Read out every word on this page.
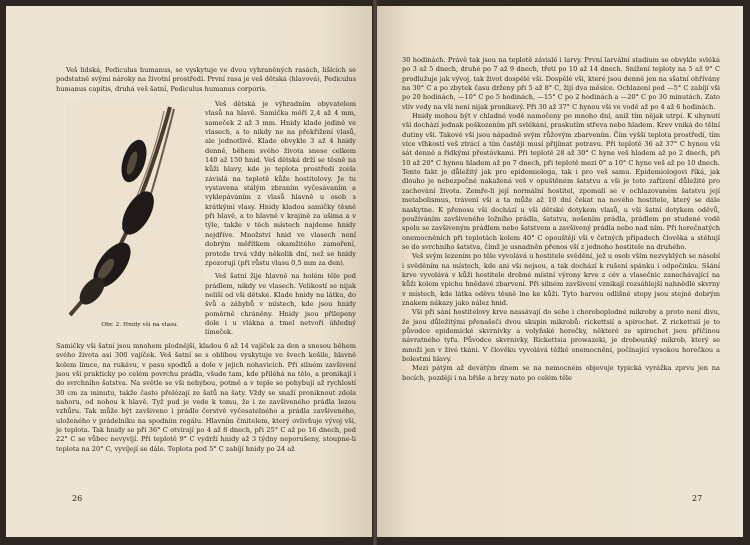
Veš lidská, Pediculus humanus, se vyskytuje ve dvou vyhraněných rasách, lišících se podstatně svými nároky na životní prostředí. První rasa je veš dětská (hlavová), Pediculus humanus capitis, druhá veš šatní, Pediculus humanus corporis.

Obr. 2. Hnidy vši na vlasu.

Veš dětská je výhradním obyvatelem vlasů na hlavě. Samička měří 2,4 až 4 mm, sameček 2 až 3 mm. Hnidy klade jedině ve vlasech, a to nikdy ne na překřížení vlasů, ale jednotlivě. Klade obvykle 3 až 4 hnidy denně, během svého života snese celkem 140 až 150 hnid. Veš dětská drží se těsně na kůži hlavy, kde je teplota prostředí zcela závislá na teplotě kůže hostitelovy. Je tu vystavena stálým zbraním vyčesávaním a vyklepáváním z vlasů hlavně u osob s krátkými vlasy. Hnidy kladou samičky těsně při hlavě, a to hlavně v krajině za ušima a v týle, takže v těch místech najdeme hnidy nejdříve. Množství hnid ve vlasech není dobrým měřítkem okamžitého zamoření, protože trvá vždy několik dní, než se hnidy zpozorují (při růstu vlasu 0,5 mm za den).

Veš šatní žije hlavně na holém těle pod prádlem, nikdy ve vlasech. Velikostí se nijak neliší od vši dětské. Klade hnidy na látku, do švů a záhybů v místech, kde jsou hnidy poměrně chráněny. Hnidy jsou přilepeny dole i u vlákna a tmel netvoří úhledný límeček.

Samičky vši šatní jsou mnohem plodnější, kladou 6 až 14 vajíček za den a snesou během svého života asi 300 vajíček. Veš šatní se s oblibou vyskytuje ve švech košile, hlavně kolem límce, na rukávu, v pasu spodků a dole v jejich nohavicích. Při silném zavšivení jsou vši prakticky po celém povrchu prádla, všude tam, kde přiléhá na tělo, a pronikají i do svrchního šatstva. Na světle se vši nehybou, potmě a v teple se pohybují až rychlostí 30 cm za minutu, takže často přelézají ze šatů na šaty. Vždy se snaží proniknout zdola nahoru, od nohou k hlavě. Tyž pud je vede k tomu, že i ze zavšiveného prádla lezou vzhůru. Tak může být zavšiveno i prádlo čerstvě vyčesatelného a prádla zavšiveného, uloženého v prádelníku na spodním regálu. Hlavním činitelem, který ovlivňuje vývoj vší, je teplota. Tak hnidy se při 36° C otvírají po 4 až 8 dnech, při 25° C až po 16 dnech, pod 22° C se vůbec nevyvíjí. Při teplotě 9° C vydrží hnidy až 3 týdny neporušeny, stoupne-li teplota na 20° C, vyvíjejí se dále. Teplota pod 5° C zabíjí hnidy po 24 až

26

30 hodinách. Právě tak jsou na teplotě závislé i larvy. První larvální stadium se obvykle svléká po 3 až 5 dnech, druhé po 7 až 9 dnech, třetí po 10 až 14 dnech. Snížení teploty na 5 až 9° C prodlužuje jak vývoj, tak život dospělé vši. Dospělé vši, které jsou denně jen na sšatní ohřívány na 30° C a po zbytek času drženy při 5 až 8° C, žijí dva měsíce. Ochlazení pod —5° C zabíjí vši po 20 hodinách, —10° C po 5 hodinách, —15° C po 2 hodinách a —20° C po 30 minutách. Zato vlív vody na vši není nijak pronikavý. Při 30 až 37° C hynou vši ve vodě až po 4 až 6 hodinách.

Hnidy mohou být v chladné vodě namočeny po mnoho dní, aniž tím nějak utrpí. K uhynutí vší dochází jednak poškozením při svlékání, praskutím střeva nebo hladem. Krev vniká do tělní dutiny vši. Takové vši jsou nápadně svým růžovým zbarvením. Čím vyšší teplota prostředí, tím více vlhkostí veš ztrácí a tím častěji musí přijímat potravu. Při teplotě 36 až 37° C hynou vši sát denně a řídkými přestávkami. Při teplotě 28 až 30° C hyne veš hladem až po 2 dnech, při 10 až 20° C hynou hladem až po 7 dnech, při teplotě mezi 0° a 10° C hyne veš až po 10 dnech. Tento fakt je důležitý jak pro epidemiologa, tak i pro veš samu. Epidemiologovi říká, jak dlouho je nebezpečné nakažená veš v opuštěném šatstvu a vši je toto zařízení důležité pro zachování života. Zemře-li její normální hostitel, zpomalí se v ochlazovaném šatstvu její metabolismus, trávení vši a ta může až 10 dní čekat na nového hostitele, který se dále naskytne. K přenosu vši dochází u vši dětské dotykem vlasů, u vši šatní dotykem oděvů, používáním zavšiveného ložního prádla, šatstva, nošením prádla, prádlem po studené vodě spolu se zavšiveným prádlem nebo šatstvem a zavšivený prádla nebo nad ním. Při horečnatých onemocněních při teplotách kolem 40° C opouštějí vši v četných případech člověka a stěhují se do svrchního šatstva, čímž je usnadněn přenos vší z jednoho hostitele na druhého.

Veš svým lezením po těle vyvolává u hostitele svědění, jež u osob vším nezvyklých se násobí i svěděním na místech, kde ani vši nejsou, a tak dochází k rušení spánku i odpočinku. Sšání krve vyvolává v kůži hostitele drobné místní výrony krve z cév a vlasečnic zanechávající na kůži kolem vpichu hnědavé zbarvení. Při silném zavšivení vznikají rozsáhlejší nahnědlé skvrny v místech, kde látka oděvu těsně lne ke kůži. Tyto barvou odlišné stopy jsou stejně dobrým znakem nákazy jako nález hnid.

Vši při sání hostitelovy krve nassávají do sebe i choroboplodné mikroby a proto není divu, že jsou důležitými přenašeči dvou skupin mikrobů: rickettsií a spirochet. Z rickettsií je to původce epidemické skvrnivky a volyňské horečky, některé ze spirochet jsou příčinou návratného tyfu. Původce skvrnivky, Rickettsia prowazeki, je drobounký mikrob, který se množí jen v živé tkáni. V člověku vyvolává těžké onemocnění, počínající vysokou horečkou a bolestmi hlavy.

Mezi pátým až devátým dnem se na nemocném objevuje typická vyrážka zprvu jen na bocích, později i na břiše a brzy nato po celém těle

27
